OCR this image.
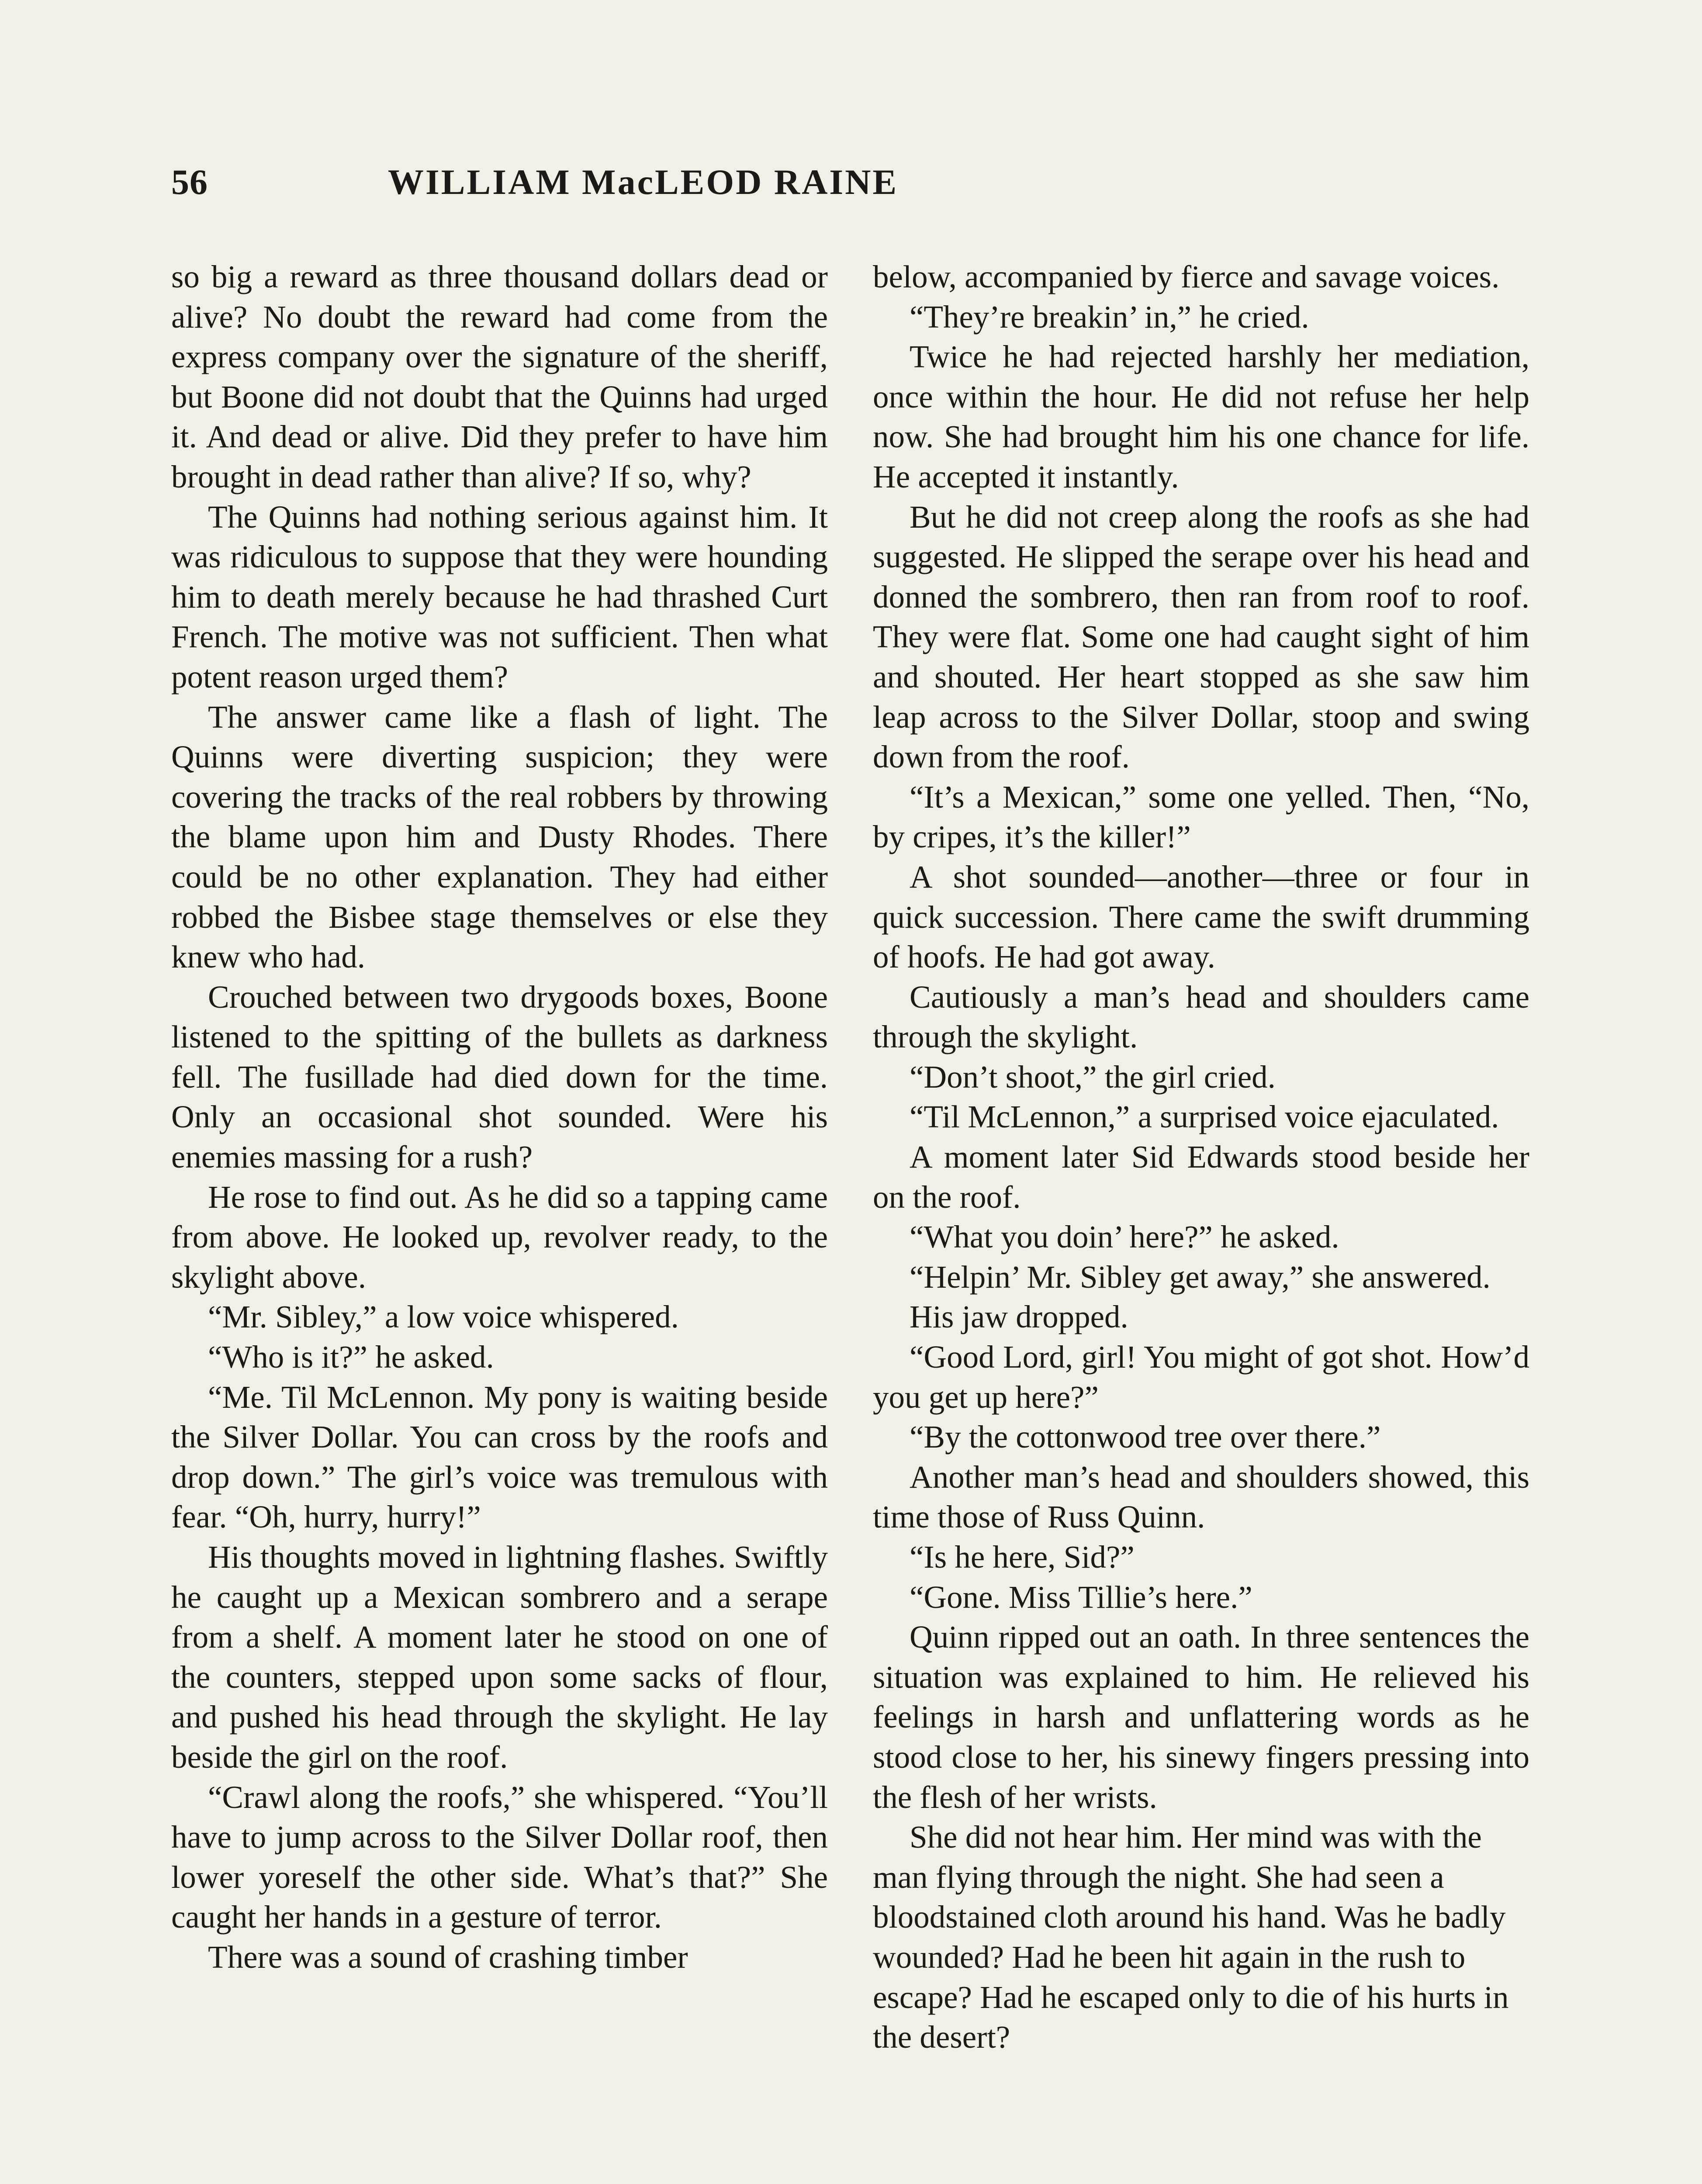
WILLIAM MacLEOD RAINE
56

so big a reward as three thousand dollars dead or alive? No doubt the reward had come from the express company over the signature of the sheriff, but Boone did not doubt that the Quinns had urged it. And dead or alive. Did they prefer to have him brought in dead rather than alive? If so, why?

The Quinns had nothing serious against him. It was ridiculous to suppose that they were hounding him to death merely because he had thrashed Curt French. The motive was not sufficient. Then what potent reason urged them?

The answer came like a flash of light. The Quinns were diverting suspicion; they were covering the tracks of the real robbers by throwing the blame upon him and Dusty Rhodes. There could be no other explanation. They had either robbed the Bisbee stage themselves or else they knew who had.

Crouched between two drygoods boxes, Boone listened to the spitting of the bullets as darkness fell. The fusillade had died down for the time. Only an occasional shot sounded. Were his enemies massing for a rush?

He rose to find out. As he did so a tapping came from above. He looked up, revolver ready, to the skylight above.

“Mr. Sibley,” a low voice whispered.

“Who is it?” he asked.

“Me. Til McLennon. My pony is waiting beside the Silver Dollar. You can cross by the roofs and drop down.” The girl’s voice was tremulous with fear. “Oh, hurry, hurry!”

His thoughts moved in lightning flashes. Swiftly he caught up a Mexican sombrero and a serape from a shelf. A moment later he stood on one of the counters, stepped upon some sacks of flour, and pushed his head through the skylight. He lay beside the girl on the roof.

“Crawl along the roofs,” she whispered. “You’ll have to jump across to the Silver Dollar roof, then lower yoreself the other side. What’s that?” She caught her hands in a gesture of terror.

There was a sound of crashing timber

below, accompanied by fierce and savage voices.

“They’re breakin’ in,” he cried.

Twice he had rejected harshly her mediation, once within the hour. He did not refuse her help now. She had brought him his one chance for life. He accepted it instantly.

But he did not creep along the roofs as she had suggested. He slipped the serape over his head and donned the sombrero, then ran from roof to roof. They were flat. Some one had caught sight of him and shouted. Her heart stopped as she saw him leap across to the Silver Dollar, stoop and swing down from the roof.

“It’s a Mexican,” some one yelled. Then, “No, by cripes, it’s the killer!”

A shot sounded—another—three or four in quick succession. There came the swift drumming of hoofs. He had got away.

Cautiously a man’s head and shoulders came through the skylight.

“Don’t shoot,” the girl cried.

“Til McLennon,” a surprised voice ejaculated.

A moment later Sid Edwards stood beside her on the roof.

“What you doin’ here?” he asked.

“Helpin’ Mr. Sibley get away,” she answered.

His jaw dropped.

“Good Lord, girl! You might of got shot. How’d you get up here?”

“By the cottonwood tree over there.”

Another man’s head and shoulders showed, this time those of Russ Quinn.

“Is he here, Sid?”

“Gone. Miss Tillie’s here.”

Quinn ripped out an oath. In three sentences the situation was explained to him. He relieved his feelings in harsh and unflattering words as he stood close to her, his sinewy fingers pressing into the flesh of her wrists.

She did not hear him. Her mind was with the man flying through the night. She had seen a bloodstained cloth around his hand. Was he badly wounded? Had he been hit again in the rush to escape? Had he escaped only to die of his hurts in the desert?
